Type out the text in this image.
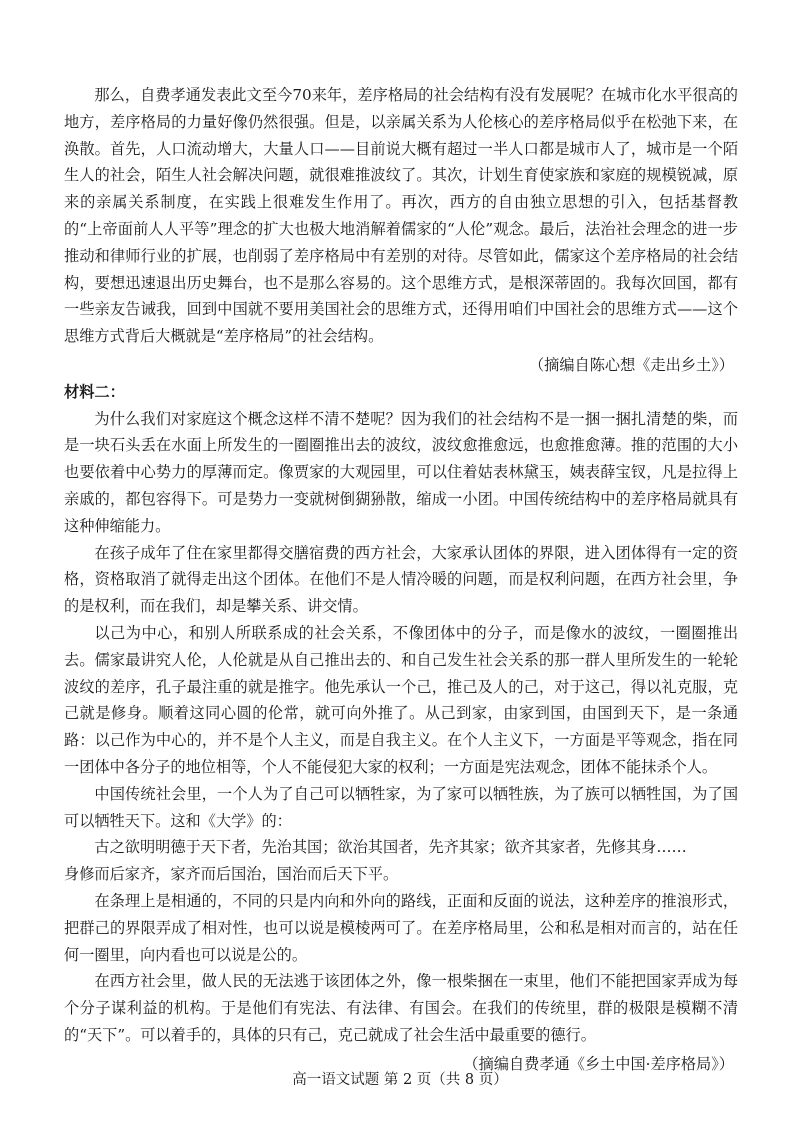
那么，自费孝通发表此文至今70来年，差序格局的社会结构有没有发展呢？在城市化水平很高的地方，差序格局的力量好像仍然很强。但是，以亲属关系为人伦核心的差序格局似乎在松弛下来，在涣散。首先，人口流动增大，大量人口——目前说大概有超过一半人口都是城市人了，城市是一个陌生人的社会，陌生人社会解决问题，就很难推波纹了。其次，计划生育使家族和家庭的规模锐减，原来的亲属关系制度，在实践上很难发生作用了。再次，西方的自由独立思想的引入，包括基督教的“上帝面前人人平等”理念的扩大也极大地消解着儒家的“人伦”观念。最后，法治社会理念的进一步推动和律师行业的扩展，也削弱了差序格局中有差别的对待。尽管如此，儒家这个差序格局的社会结构，要想迅速退出历史舞台，也不是那么容易的。这个思维方式，是根深蒂固的。我每次回国，都有一些亲友告诫我，回到中国就不要用美国社会的思维方式，还得用咱们中国社会的思维方式——这个思维方式背后大概就是“差序格局”的社会结构。

（摘编自陈心想《走出乡土》）

材料二：

为什么我们对家庭这个概念这样不清不楚呢？因为我们的社会结构不是一捆一捆扎清楚的柴，而是一块石头丢在水面上所发生的一圈圈推出去的波纹，波纹愈推愈远，也愈推愈薄。推的范围的大小也要依着中心势力的厚薄而定。像贾家的大观园里，可以住着姑表林黛玉，姨表薛宝钗，凡是拉得上亲戚的，都包容得下。可是势力一变就树倒猢狲散，缩成一小团。中国传统结构中的差序格局就具有这种伸缩能力。

在孩子成年了住在家里都得交膳宿费的西方社会，大家承认团体的界限，进入团体得有一定的资格，资格取消了就得走出这个团体。在他们不是人情冷暖的问题，而是权利问题，在西方社会里，争的是权利，而在我们，却是攀关系、讲交情。

以己为中心，和别人所联系成的社会关系，不像团体中的分子，而是像水的波纹，一圈圈推出去。儒家最讲究人伦，人伦就是从自己推出去的、和自己发生社会关系的那一群人里所发生的一轮轮波纹的差序，孔子最注重的就是推字。他先承认一个己，推己及人的己，对于这己，得以礼克服，克己就是修身。顺着这同心圆的伦常，就可向外推了。从己到家，由家到国，由国到天下，是一条通路：以己作为中心的，并不是个人主义，而是自我主义。在个人主义下，一方面是平等观念，指在同一团体中各分子的地位相等，个人不能侵犯大家的权利；一方面是宪法观念，团体不能抹杀个人。

中国传统社会里，一个人为了自己可以牺牲家，为了家可以牺牲族，为了族可以牺牲国，为了国可以牺牲天下。这和《大学》的：

古之欲明明德于天下者，先治其国；欲治其国者，先齐其家；欲齐其家者，先修其身……
身修而后家齐，家齐而后国治，国治而后天下平。

在条理上是相通的，不同的只是内向和外向的路线，正面和反面的说法，这种差序的推浪形式，把群己的界限弄成了相对性，也可以说是模棱两可了。在差序格局里，公和私是相对而言的，站在任何一圈里，向内看也可以说是公的。

在西方社会里，做人民的无法逃于该团体之外，像一根柴捆在一束里，他们不能把国家弄成为每个分子谋利益的机构。于是他们有宪法、有法律、有国会。在我们的传统里，群的极限是模糊不清的“天下”。可以着手的，具体的只有己，克己就成了社会生活中最重要的德行。

（摘编自费孝通《乡土中国·差序格局》）

高一语文试题 第 2 页（共 8 页）
